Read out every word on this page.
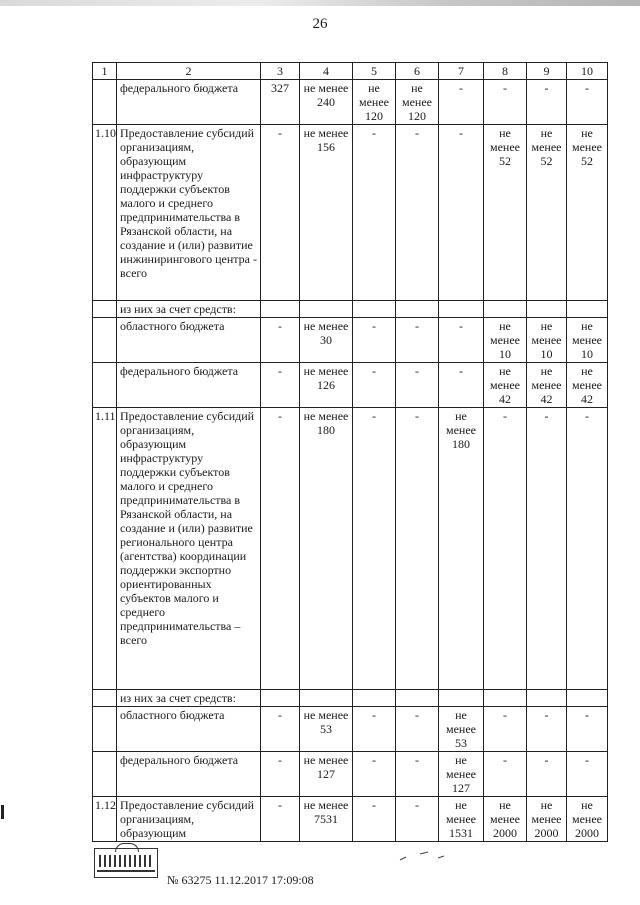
26
1	2	3	4	5	6	7	8	9	10
	федерального бюджета	327	не менее 240	не менее 120	не менее 120	-	-	-	-
1.10	Предоставление субсидий организациям, образующим инфраструктуру поддержки субъектов малого и среднего предпринимательства в Рязанской области, на создание и (или) развитие инжинирингового центра - всего	-	не менее 156	-	-	-	не менее 52	не менее 52	не менее 52
	из них за счет средств:								
	областного бюджета	-	не менее 30	-	-	-	не менее 10	не менее 10	не менее 10
	федерального бюджета	-	не менее 126	-	-	-	не менее 42	не менее 42	не менее 42
1.11	Предоставление субсидий организациям, образующим инфраструктуру поддержки субъектов малого и среднего предпринимательства в Рязанской области, на создание и (или) развитие регионального центра (агентства) координации поддержки экспортно ориентированных субъектов малого и среднего предпринимательства – всего	-	не менее 180	-	-	не менее 180	-	-	-
	из них за счет средств:								
	областного бюджета	-	не менее 53	-	-	не менее 53	-	-	-
	федерального бюджета	-	не менее 127	-	-	не менее 127	-	-	-
1.12	Предоставление субсидий организациям, образующим	-	не менее 7531	-	-	не менее 1531	не менее 2000	не менее 2000	не менее 2000
№ 63275 11.12.2017 17:09:08
